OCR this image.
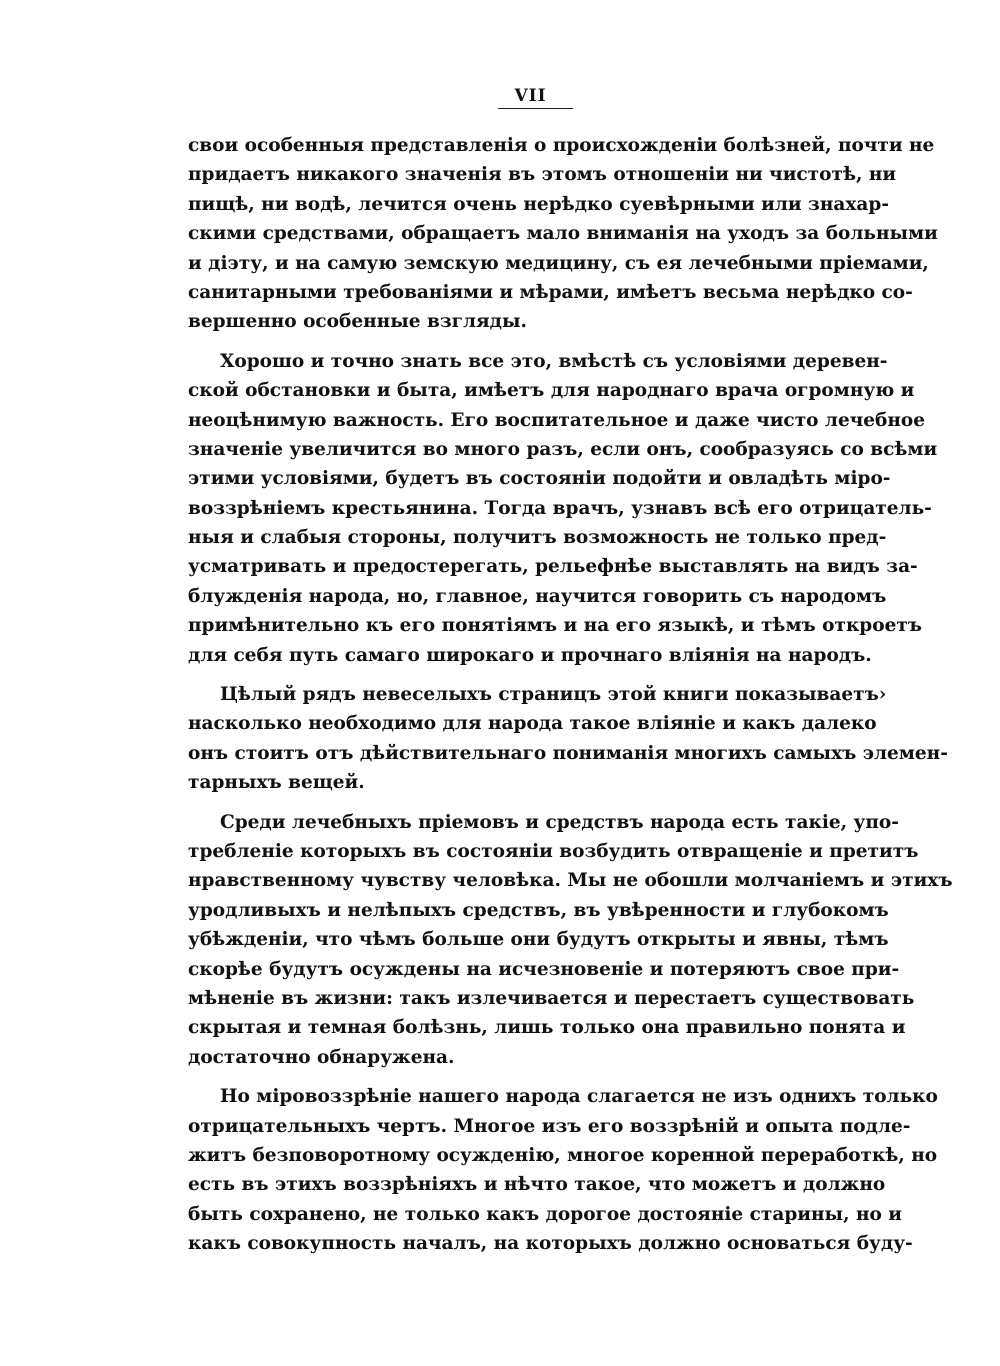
VII
свои особенныя представленія о происхожденіи болѣзней, почти не
придаетъ никакого значенія въ этомъ отношеніи ни чистотѣ, ни
пищѣ, ни водѣ, лечится очень нерѣдко суевѣрными или знахар-
скими средствами, обращаетъ мало вниманія на уходъ за больными
и діэту, и на самую земскую медицину, съ ея лечебными пріемами,
санитарными требованіями и мѣрами, имѣетъ весьма нерѣдко со-
вершенно особенные взгляды.
Хорошо и точно знать все это, вмѣстѣ съ условіями деревен-
ской обстановки и быта, имѣетъ для народнаго врача огромную и
неоцѣнимую важность. Его воспитательное и даже чисто лечебное
значеніе увеличится во много разъ, если онъ, сообразуясь со всѣми
этими условіями, будетъ въ состояніи подойти и овладѣть міро-
воззрѣніемъ крестьянина. Тогда врачъ, узнавъ всѣ его отрицатель-
ныя и слабыя стороны, получитъ возможность не только пред-
усматривать и предостерегать, рельефнѣе выставлять на видъ за-
блужденія народа, но, главное, научится говорить съ народомъ
примѣнительно къ его понятіямъ и на его языкѣ, и тѣмъ откроетъ
для себя путь самаго широкаго и прочнаго вліянія на народъ.
Цѣлый рядъ невеселыхъ страницъ этой книги показываетъ›
насколько необходимо для народа такое вліяніе и какъ далеко
онъ стоитъ отъ дѣйствительнаго пониманія многихъ самыхъ элемен-
тарныхъ вещей.
Среди лечебныхъ пріемовъ и средствъ народа есть такіе, упо-
требленіе которыхъ въ состояніи возбудить отвращеніе и претитъ
нравственному чувству человѣка. Мы не обошли молчаніемъ и этихъ
уродливыхъ и нелѣпыхъ средствъ, въ увѣренности и глубокомъ
убѣжденіи, что чѣмъ больше они будутъ открыты и явны, тѣмъ
скорѣе будутъ осуждены на исчезновеніе и потеряютъ свое при-
мѣненіе въ жизни: такъ излечивается и перестаетъ существовать
скрытая и темная болѣзнь, лишь только она правильно понята и
достаточно обнаружена.
Но міровоззрѣніе нашего народа слагается не изъ однихъ только
отрицательныхъ чертъ. Многое изъ его воззрѣній и опыта подле-
житъ безповоротному осужденію, многое коренной переработкѣ, но
есть въ этихъ воззрѣніяхъ и нѣчто такое, что можетъ и должно
быть сохранено, не только какъ дорогое достояніе старины, но и
какъ совокупность началъ, на которыхъ должно основаться буду-
